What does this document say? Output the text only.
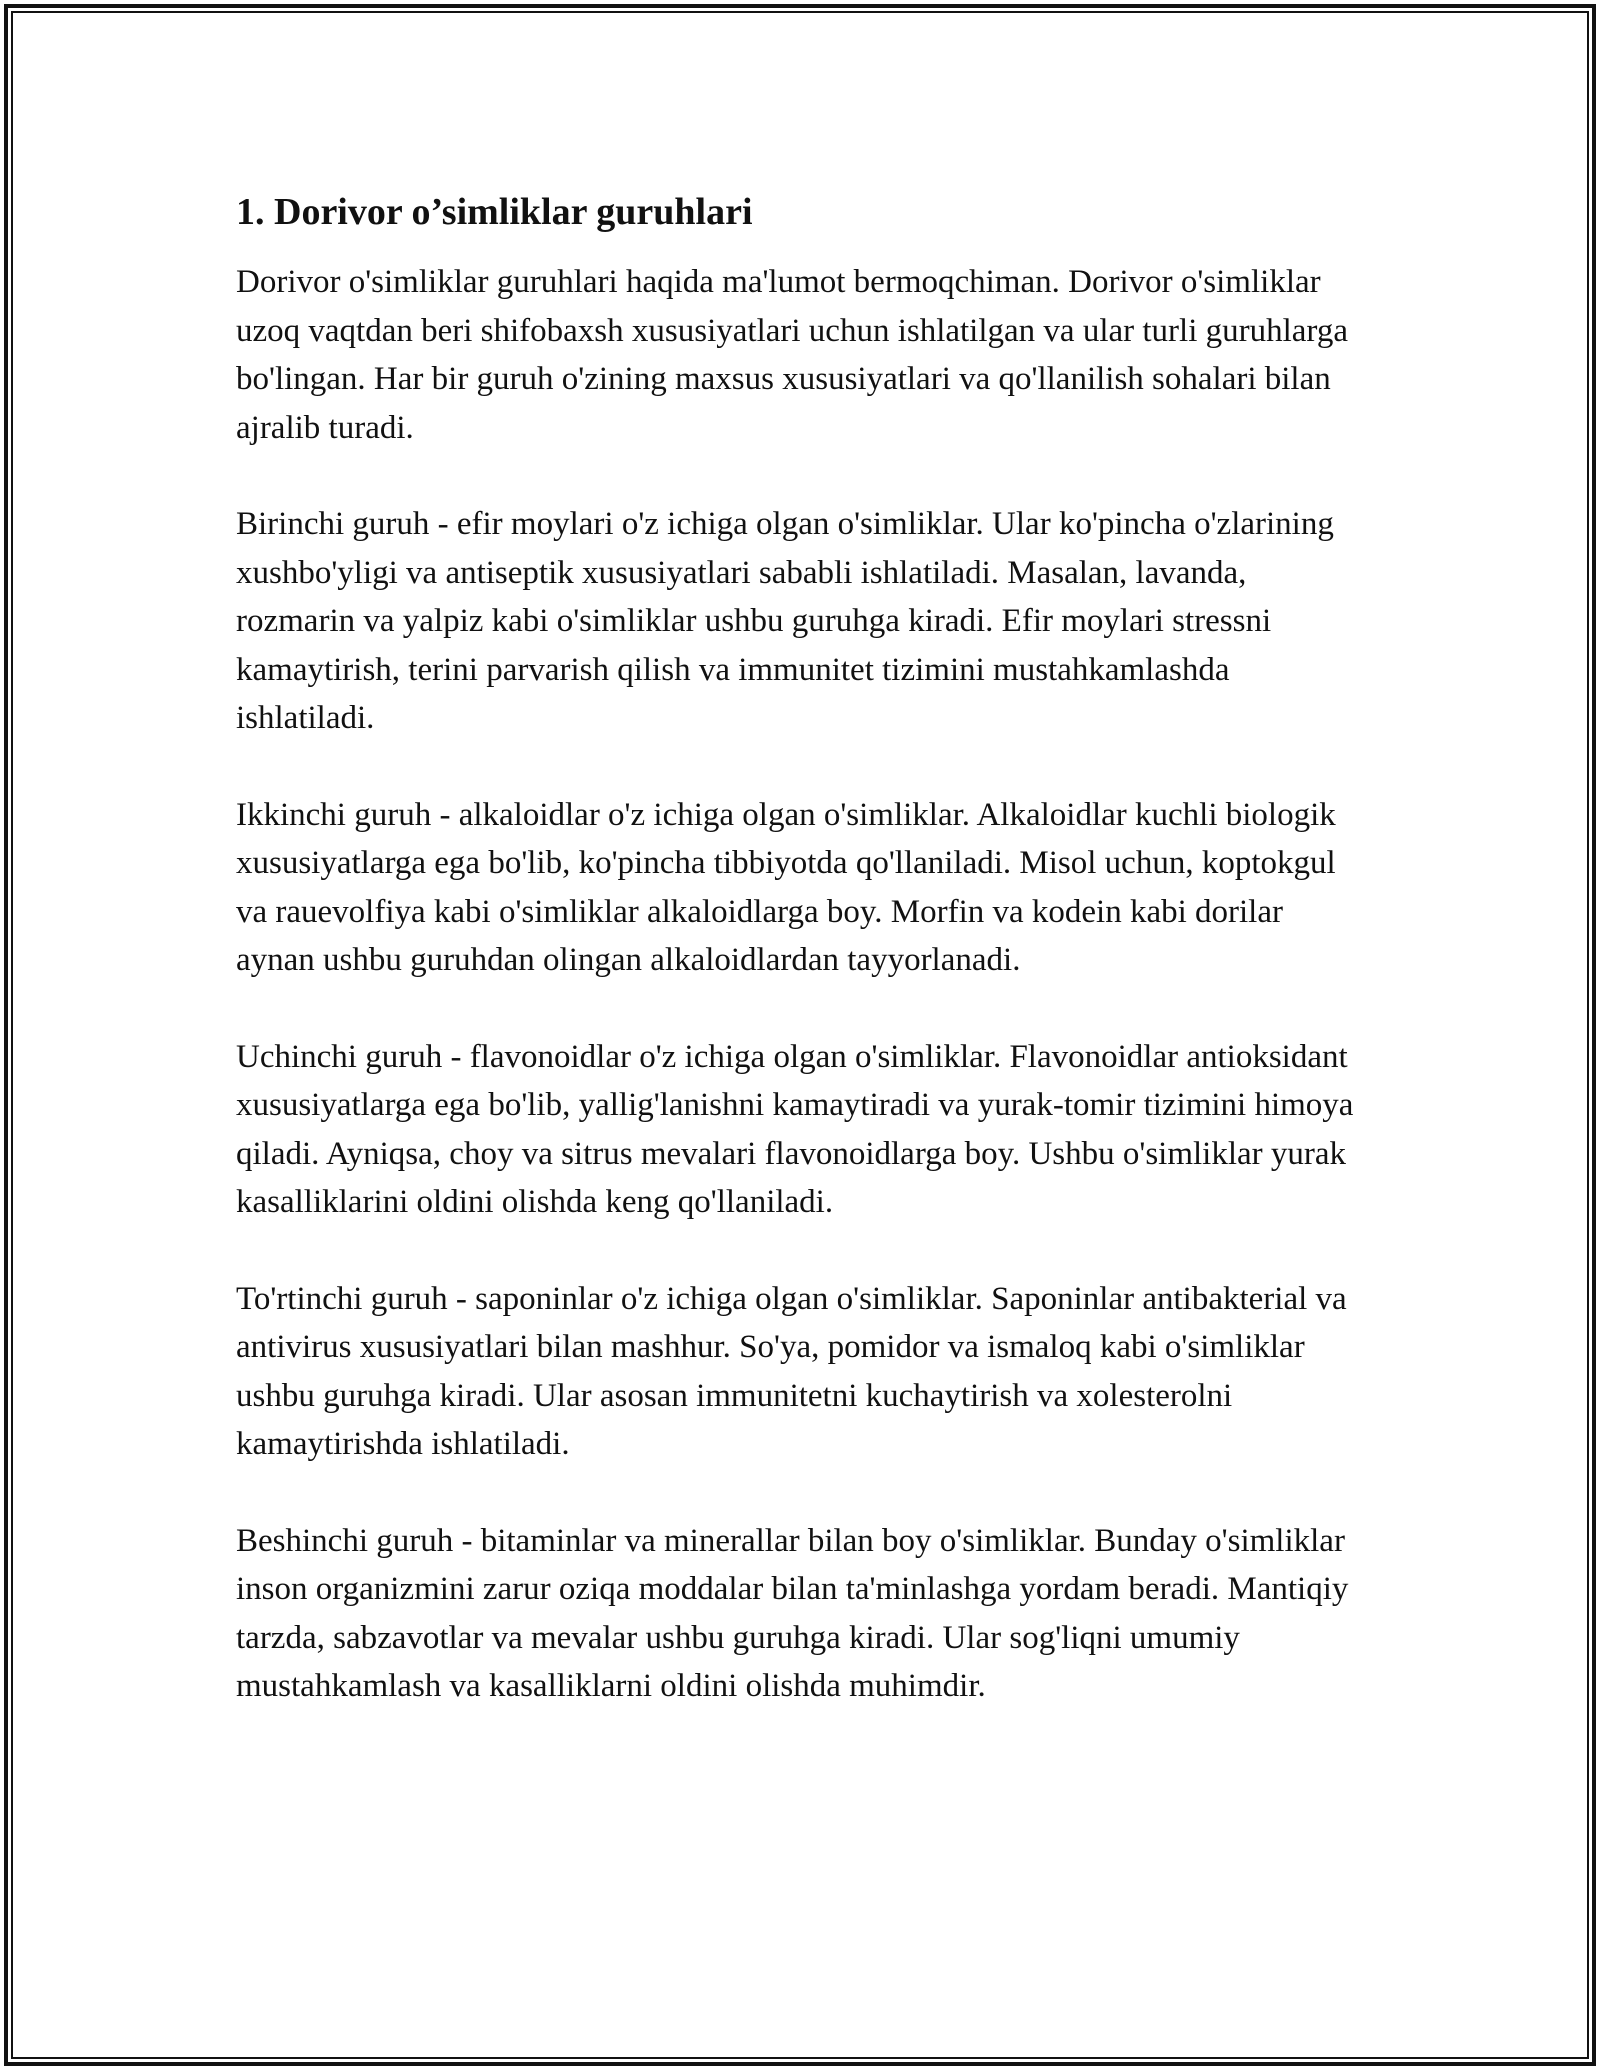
1. Dorivor o’simliklar guruhlari

Dorivor o'simliklar guruhlari haqida ma'lumot bermoqchiman. Dorivor o'simliklar uzoq vaqtdan beri shifobaxsh xususiyatlari uchun ishlatilgan va ular turli guruhlarga bo'lingan. Har bir guruh o'zining maxsus xususiyatlari va qo'llanilish sohalari bilan ajralib turadi.

Birinchi guruh - efir moylari o'z ichiga olgan o'simliklar. Ular ko'pincha o'zlarining xushbo'yligi va antiseptik xususiyatlari sababli ishlatiladi. Masalan, lavanda, rozmarin va yalpiz kabi o'simliklar ushbu guruhga kiradi. Efir moylari stressni kamaytirish, terini parvarish qilish va immunitet tizimini mustahkamlashda ishlatiladi.

Ikkinchi guruh - alkaloidlar o'z ichiga olgan o'simliklar. Alkaloidlar kuchli biologik xususiyatlarga ega bo'lib, ko'pincha tibbiyotda qo'llaniladi. Misol uchun, koptokgul va rauevolfiya kabi o'simliklar alkaloidlarga boy. Morfin va kodein kabi dorilar aynan ushbu guruhdan olingan alkaloidlardan tayyorlanadi.

Uchinchi guruh - flavonoidlar o'z ichiga olgan o'simliklar. Flavonoidlar antioksidant xususiyatlarga ega bo'lib, yallig'lanishni kamaytiradi va yurak-tomir tizimini himoya qiladi. Ayniqsa, choy va sitrus mevalari flavonoidlarga boy. Ushbu o'simliklar yurak kasalliklarini oldini olishda keng qo'llaniladi.

To'rtinchi guruh - saponinlar o'z ichiga olgan o'simliklar. Saponinlar antibakterial va antivirus xususiyatlari bilan mashhur. So'ya, pomidor va ismaloq kabi o'simliklar ushbu guruhga kiradi. Ular asosan immunitetni kuchaytirish va xolesterolni kamaytirishda ishlatiladi.

Beshinchi guruh - bitaminlar va minerallar bilan boy o'simliklar. Bunday o'simliklar inson organizmini zarur oziqa moddalar bilan ta'minlashga yordam beradi. Mantiqiy tarzda, sabzavotlar va mevalar ushbu guruhga kiradi. Ular sog'liqni umumiy mustahkamlash va kasalliklarni oldini olishda muhimdir.
